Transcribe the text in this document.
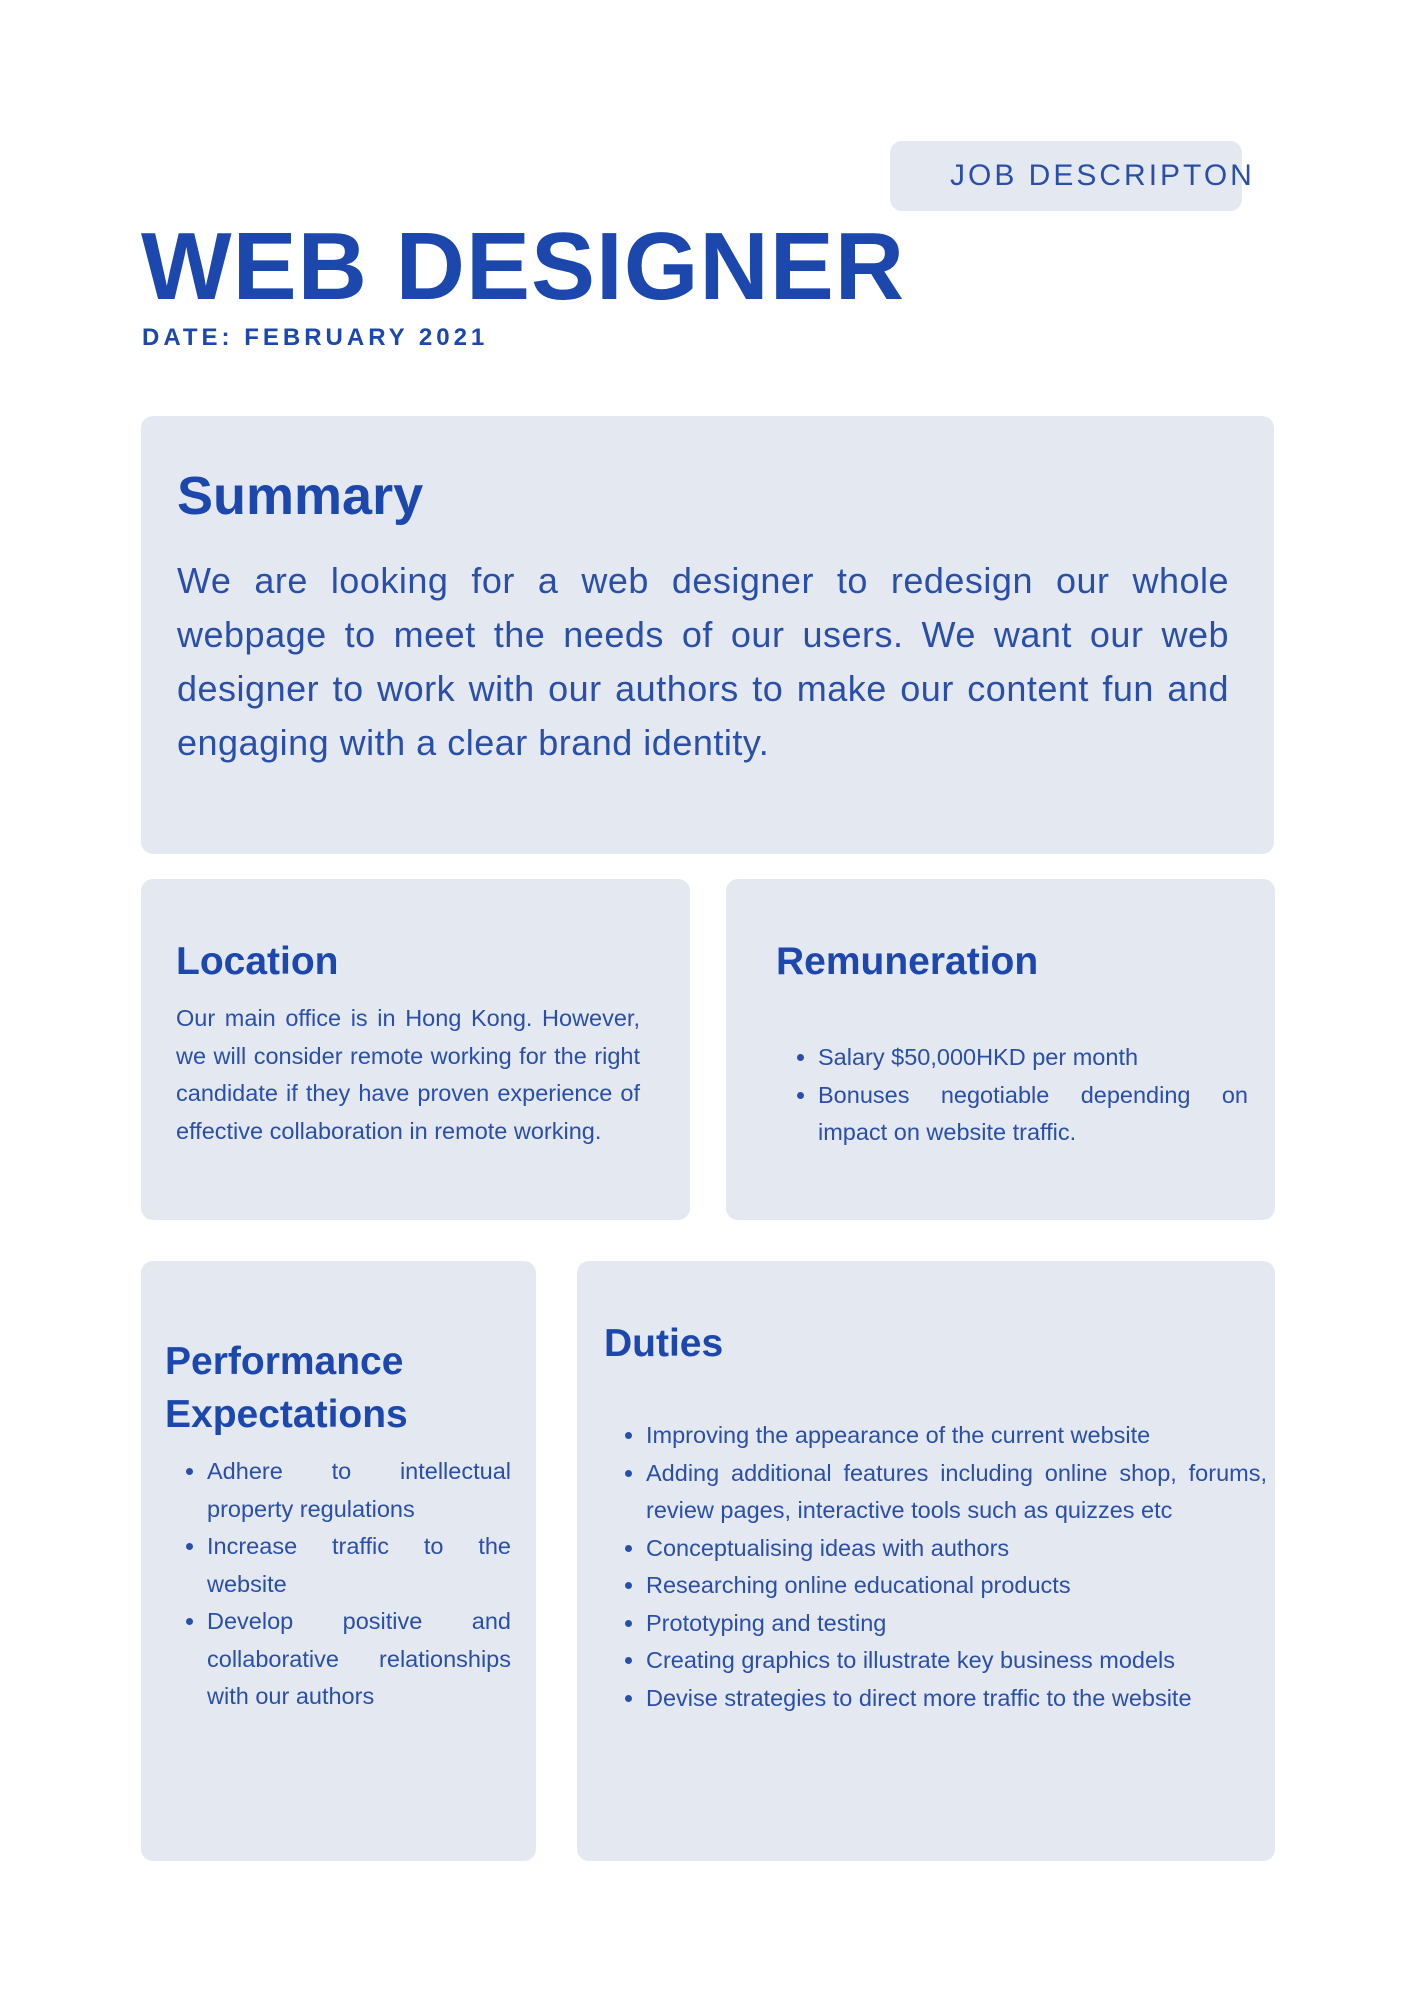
JOB DESCRIPTON
WEB DESIGNER
DATE: FEBRUARY 2021
Summary

We are looking for a web designer to redesign our whole webpage to meet the needs of our users. We want our web designer to work with our authors to make our content fun and engaging with a clear brand identity.

Location

Our main office is in Hong Kong. However, we will consider remote working for the right candidate if they have proven experience of effective collaboration in remote working.

Remuneration
• Salary $50,000HKD per month
• Bonuses negotiable depending on impact on website traffic.
Performance Expectations
• Adhere to intellectual property regulations
• Increase traffic to the website
• Develop positive and collaborative relationships with our authors
Duties
• Improving the appearance of the current website
• Adding additional features including online shop, forums, review pages, interactive tools such as quizzes etc
• Conceptualising ideas with authors
• Researching online educational products
• Prototyping and testing
• Creating graphics to illustrate key business models
• Devise strategies to direct more traffic to the website
